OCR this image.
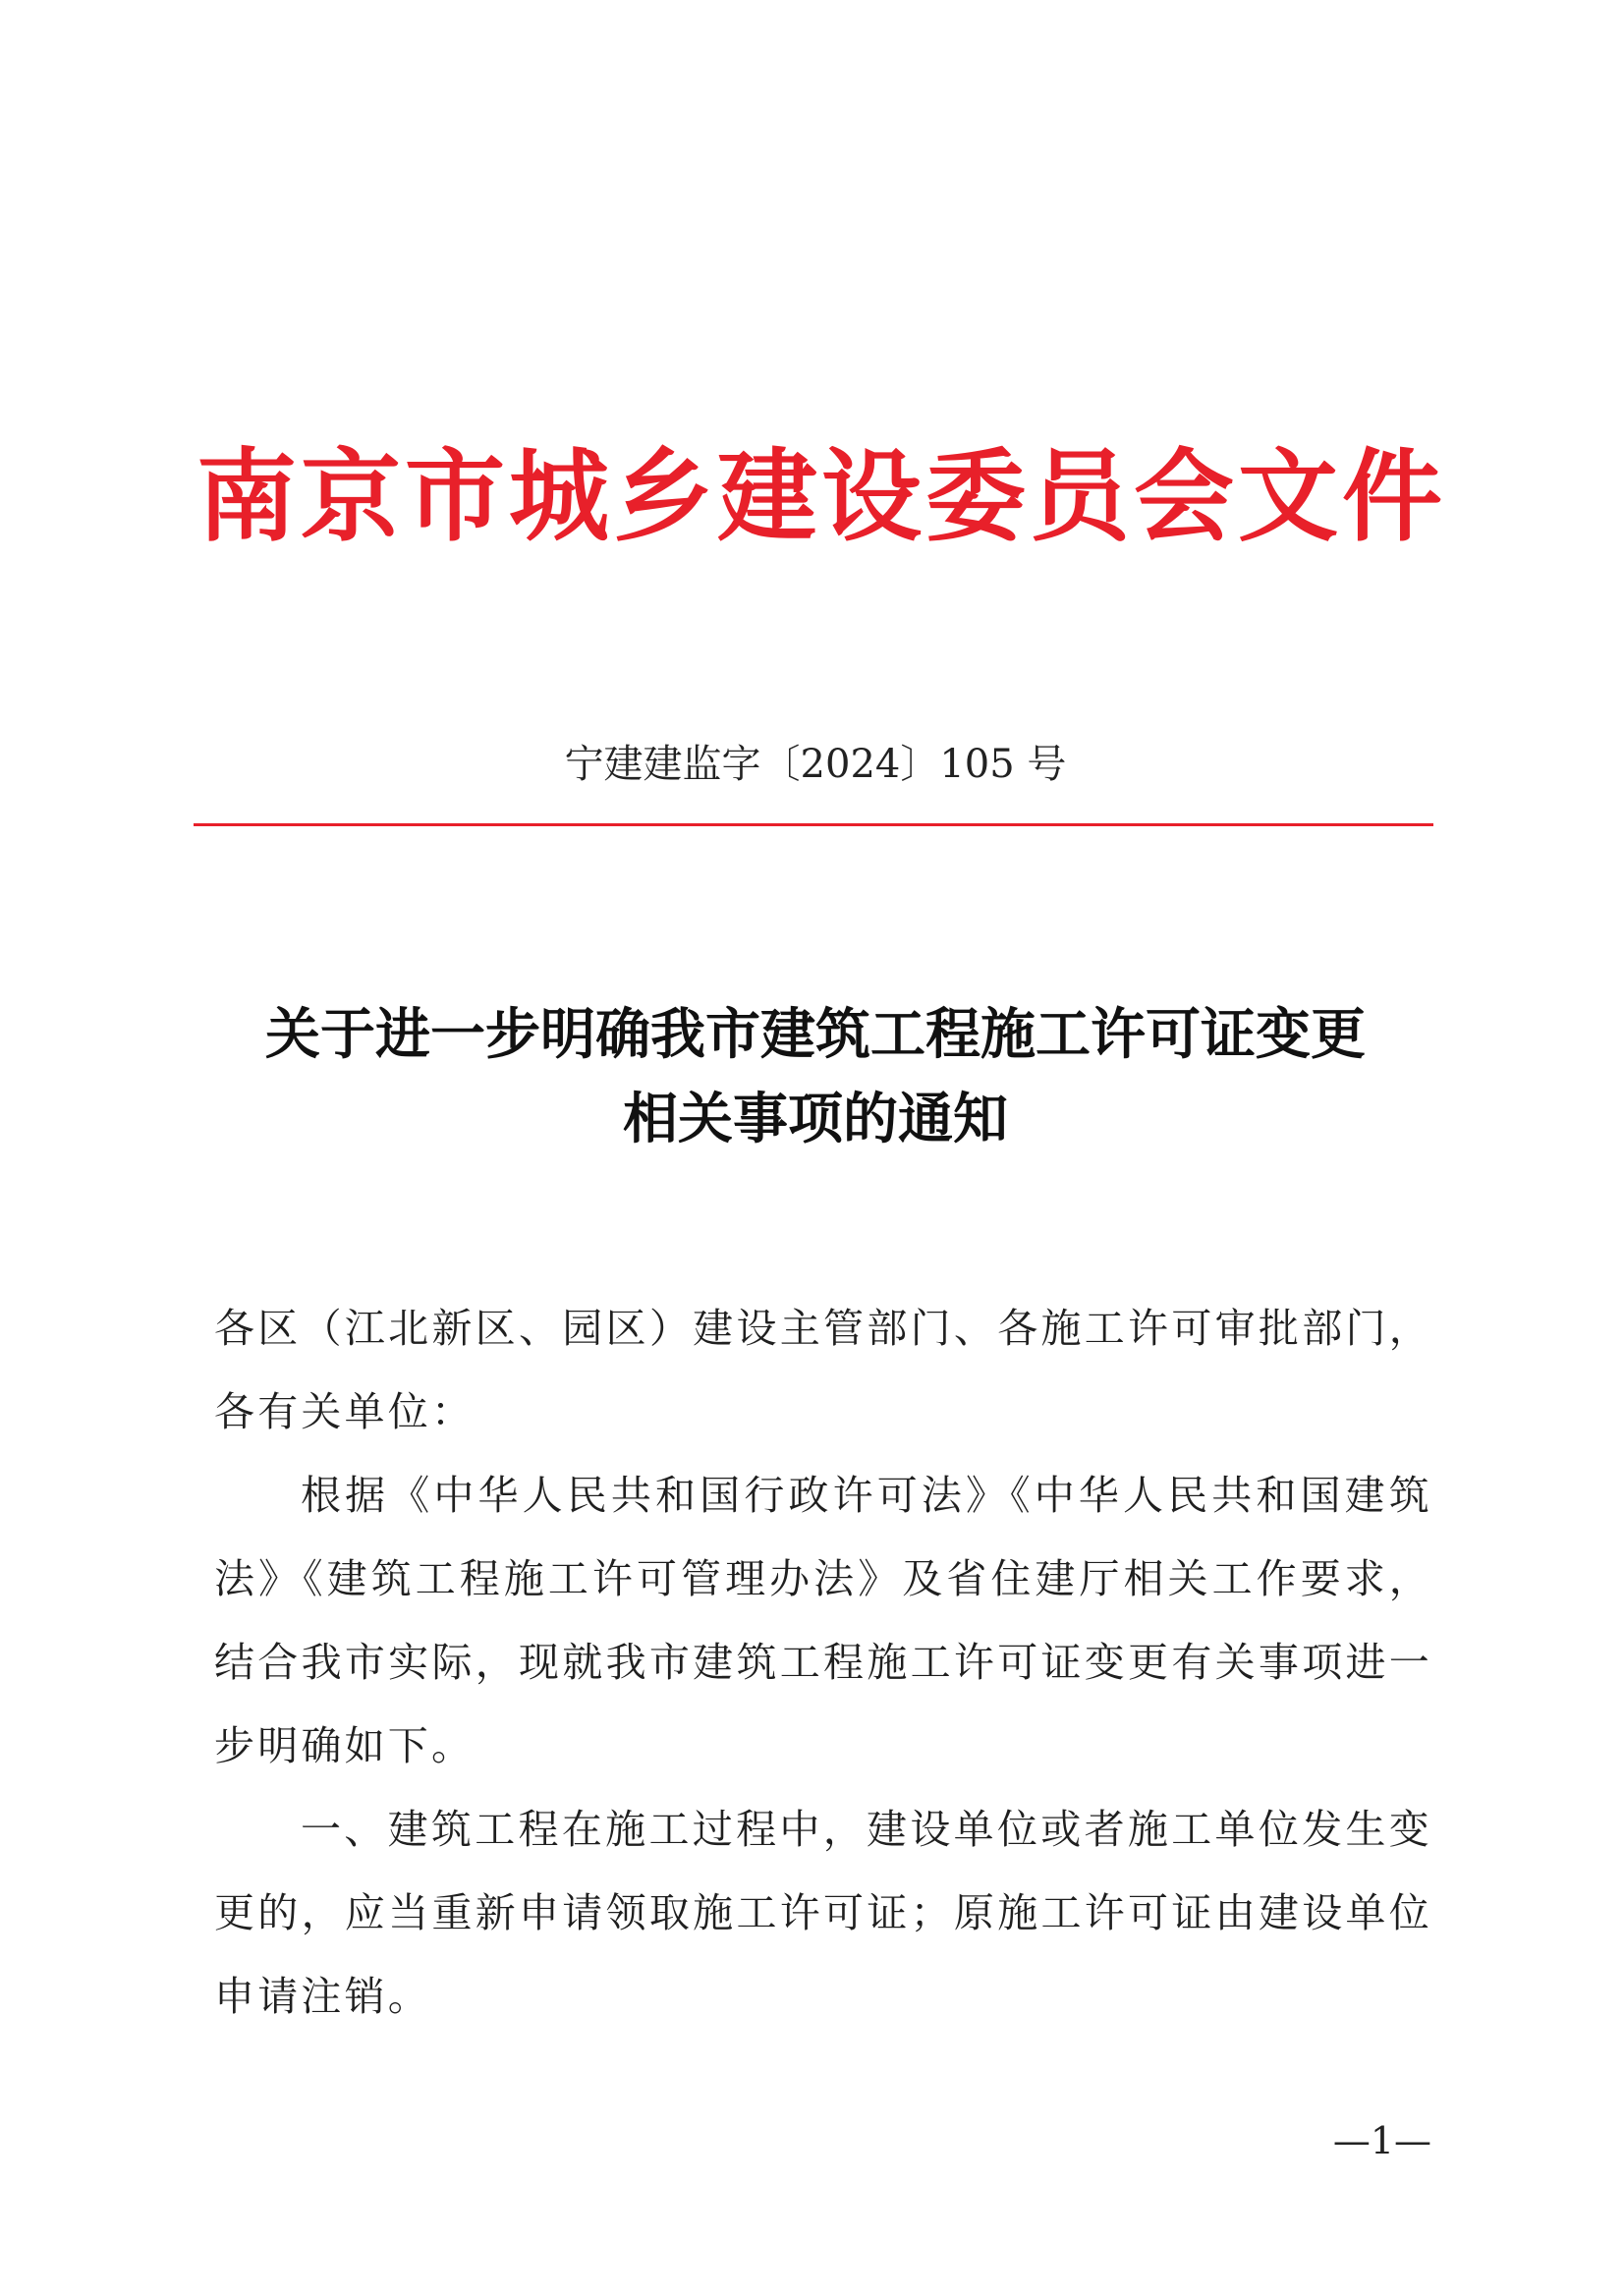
南京市城乡建设委员会文件
宁建建监字〔2024〕105 号
关于进一步明确我市建筑工程施工许可证变更
相关事项的通知

各区（江北新区、园区）建设主管部门、各施工许可审批部门，各有关单位：

根据《中华人民共和国行政许可法》《中华人民共和国建筑法》《建筑工程施工许可管理办法》及省住建厅相关工作要求，结合我市实际，现就我市建筑工程施工许可证变更有关事项进一步明确如下。

一、建筑工程在施工过程中，建设单位或者施工单位发生变更的，应当重新申请领取施工许可证；原施工许可证由建设单位申请注销。

—1—
